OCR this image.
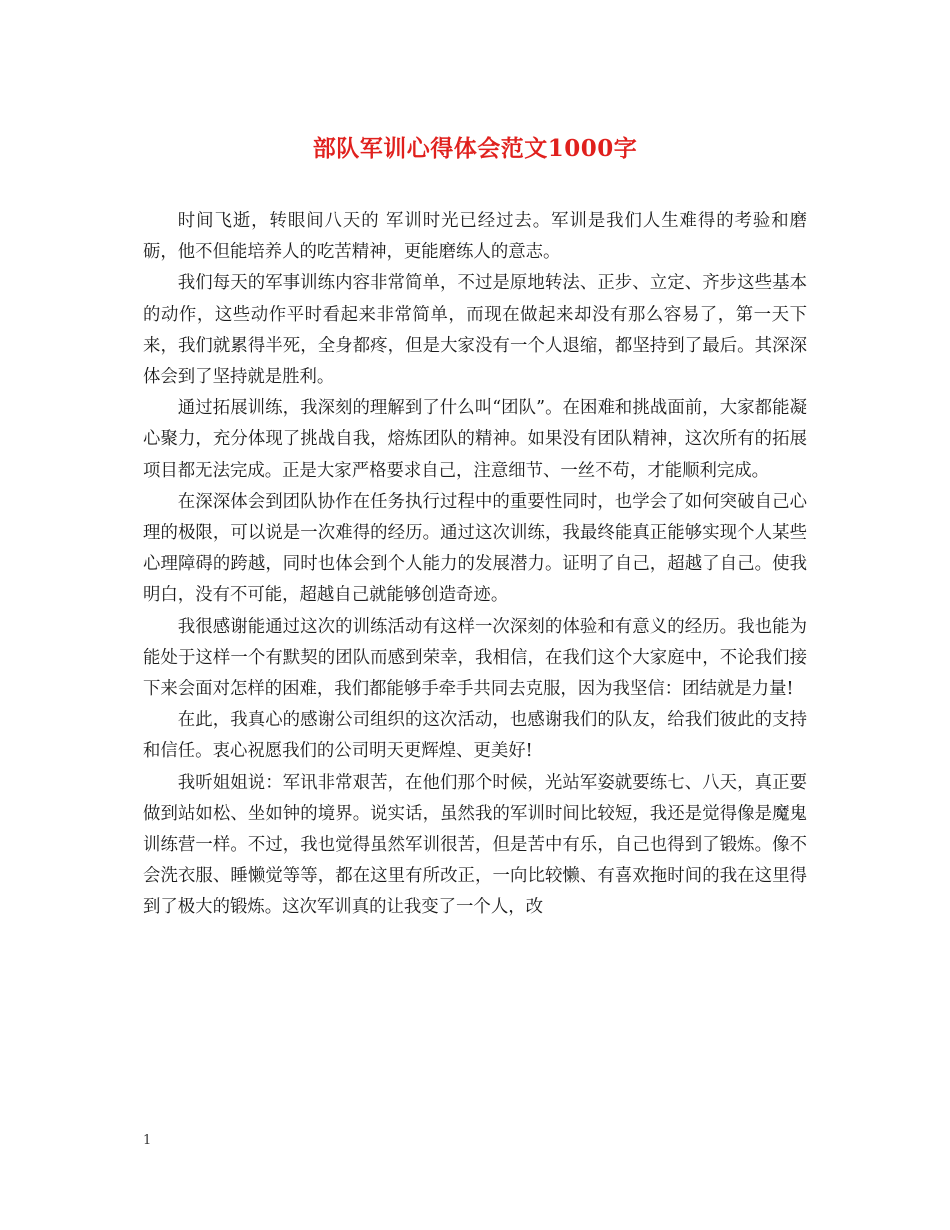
部队军训心得体会范文1000字

时间飞逝，转眼间八天的 军训时光已经过去。军训是我们人生难得的考验和磨砺，他不但能培养人的吃苦精神，更能磨练人的意志。

我们每天的军事训练内容非常简单，不过是原地转法、正步、立定、齐步这些基本的动作，这些动作平时看起来非常简单，而现在做起来却没有那么容易了，第一天下来，我们就累得半死，全身都疼，但是大家没有一个人退缩，都坚持到了最后。其深深体会到了坚持就是胜利。

通过拓展训练，我深刻的理解到了什么叫“团队”。在困难和挑战面前，大家都能凝心聚力，充分体现了挑战自我，熔炼团队的精神。如果没有团队精神，这次所有的拓展项目都无法完成。正是大家严格要求自己，注意细节、一丝不苟，才能顺利完成。

在深深体会到团队协作在任务执行过程中的重要性同时，也学会了如何突破自己心理的极限，可以说是一次难得的经历。通过这次训练，我最终能真正能够实现个人某些心理障碍的跨越，同时也体会到个人能力的发展潜力。证明了自己，超越了自己。使我明白，没有不可能，超越自己就能够创造奇迹。

我很感谢能通过这次的训练活动有这样一次深刻的体验和有意义的经历。我也能为能处于这样一个有默契的团队而感到荣幸，我相信，在我们这个大家庭中，不论我们接下来会面对怎样的困难，我们都能够手牵手共同去克服，因为我坚信：团结就是力量!

在此，我真心的感谢公司组织的这次活动，也感谢我们的队友，给我们彼此的支持和信任。衷心祝愿我们的公司明天更辉煌、更美好!

我听姐姐说：军讯非常艰苦，在他们那个时候，光站军姿就要练七、八天，真正要做到站如松、坐如钟的境界。说实话，虽然我的军训时间比较短，我还是觉得像是魔鬼训练营一样。不过，我也觉得虽然军训很苦，但是苦中有乐，自己也得到了锻炼。像不会洗衣服、睡懒觉等等，都在这里有所改正，一向比较懒、有喜欢拖时间的我在这里得到了极大的锻炼。这次军训真的让我变了一个人，改

1
